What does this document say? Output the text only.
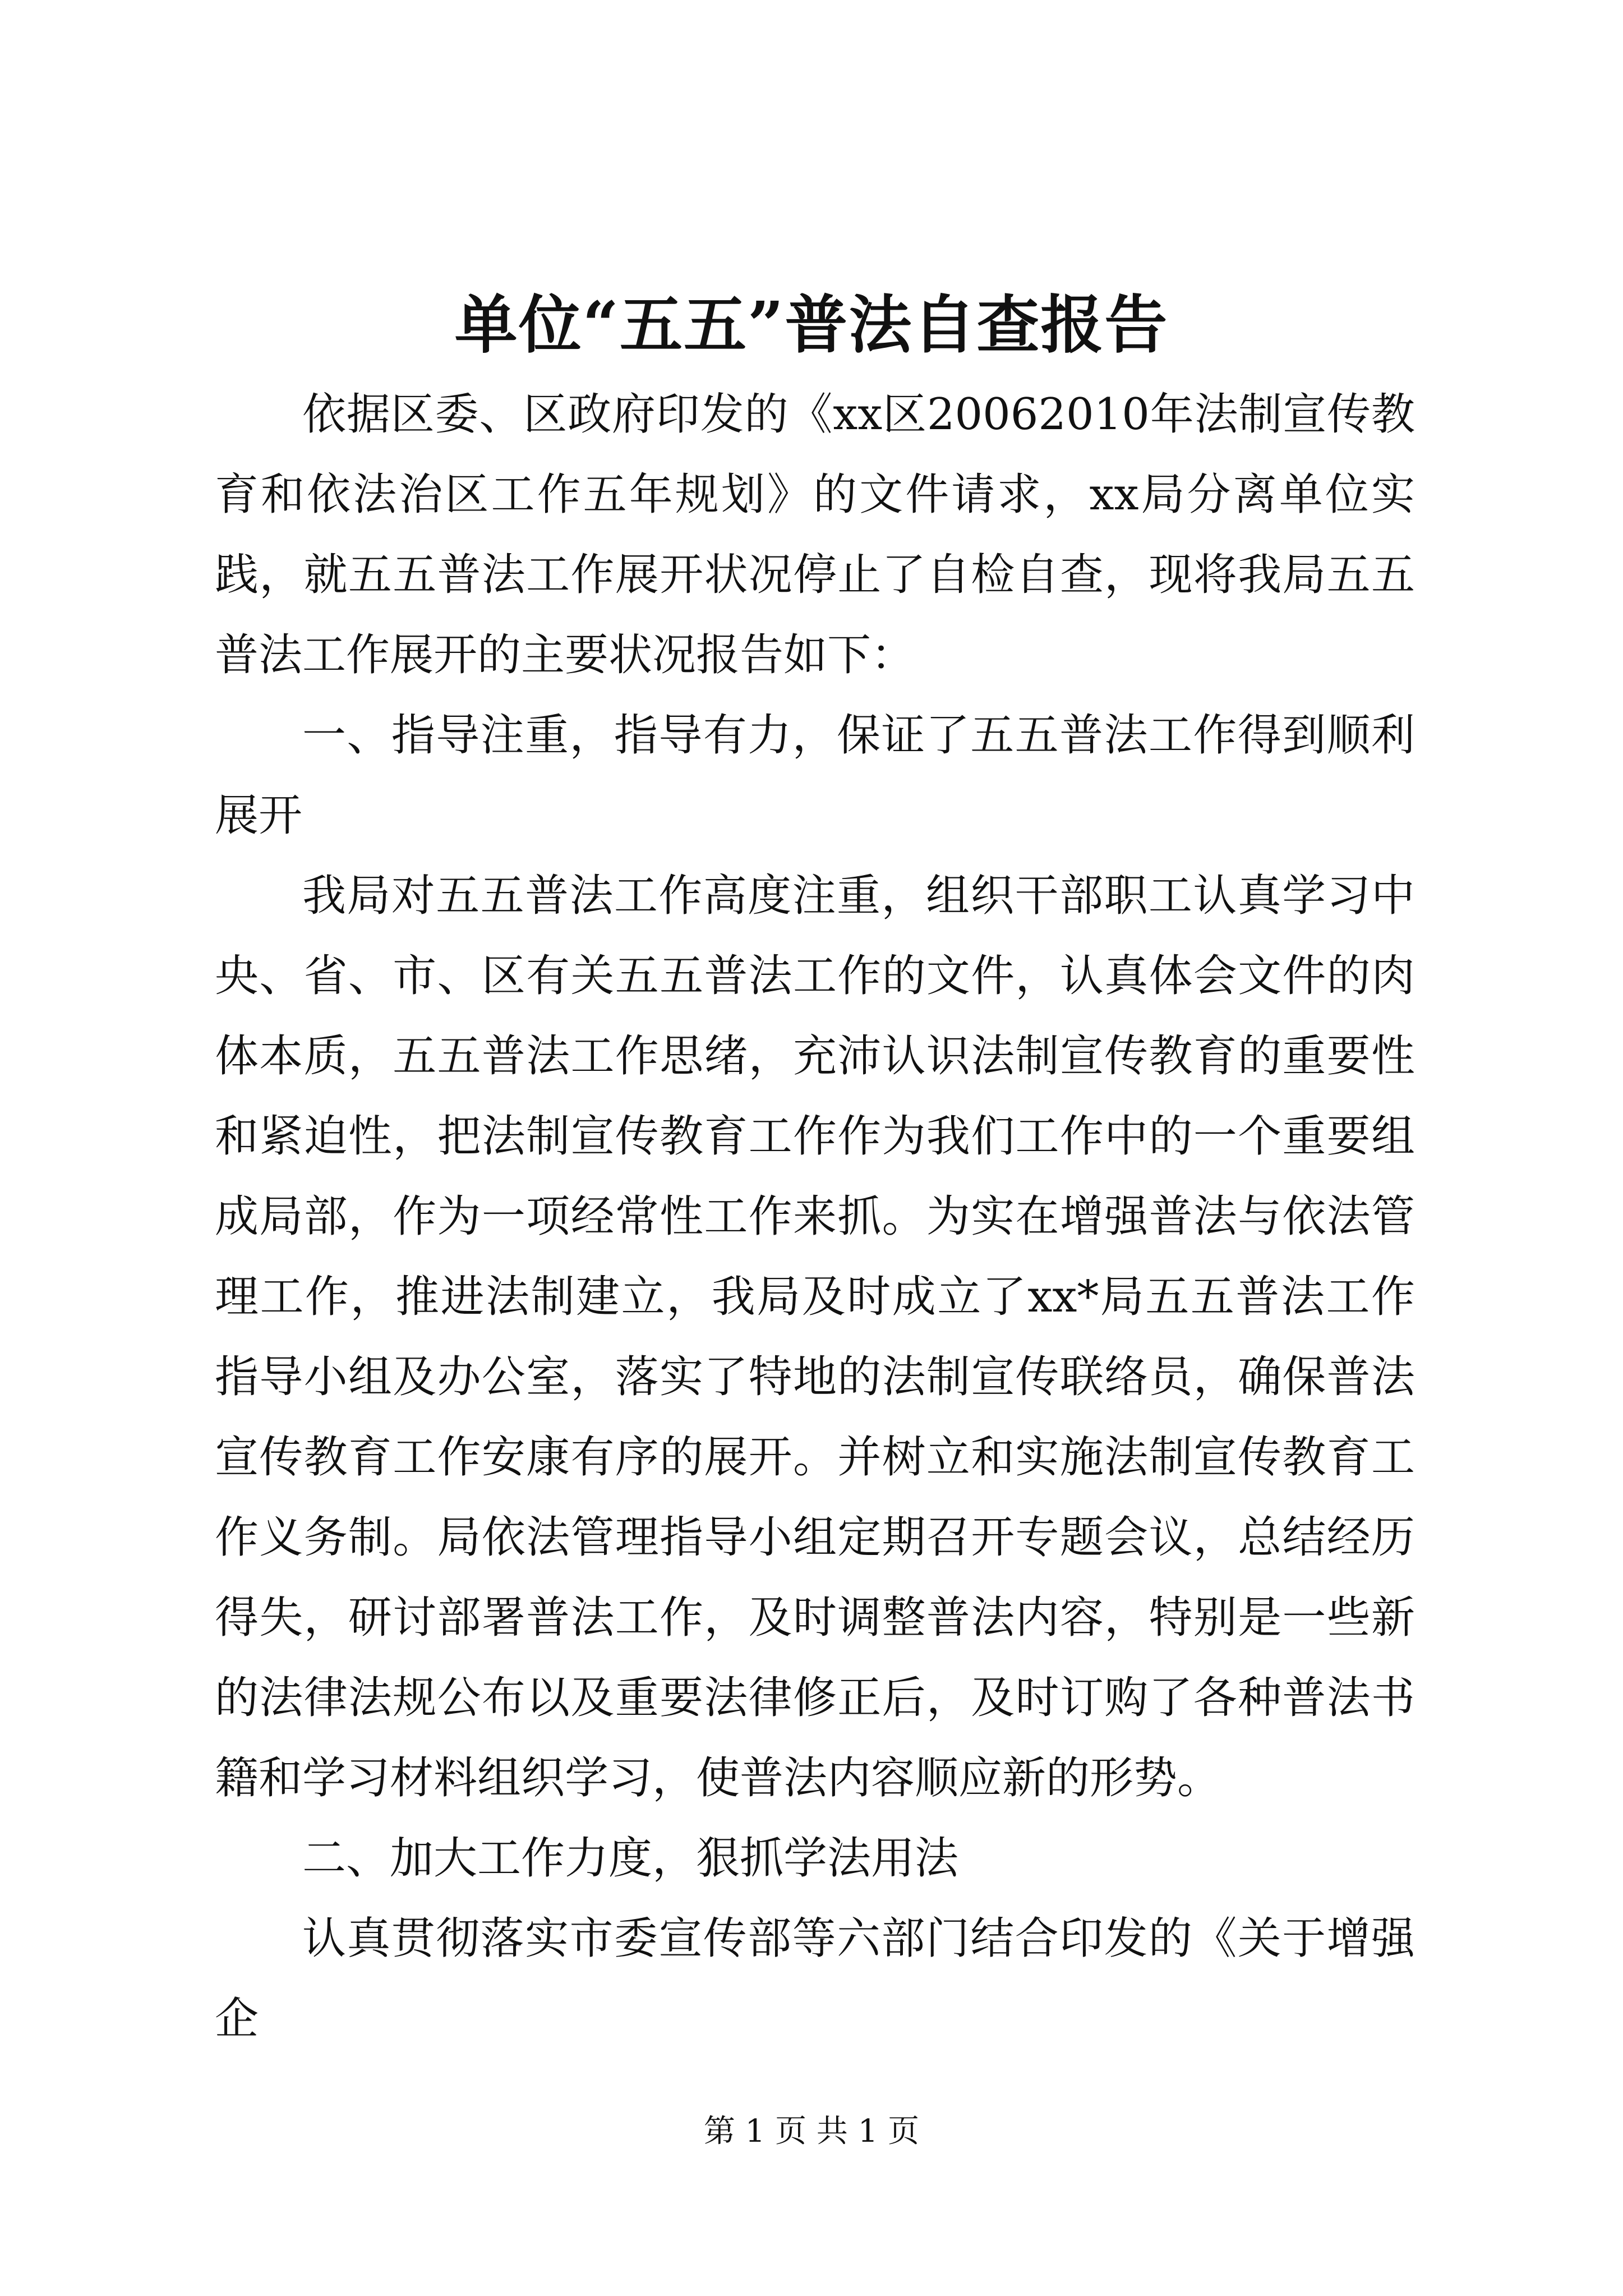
单位“五五”普法自查报告

依据区委、区政府印发的《xx区20062010年法制宣传教育和依法治区工作五年规划》的文件请求，xx局分离单位实践，就五五普法工作展开状况停止了自检自查，现将我局五五普法工作展开的主要状况报告如下：

一、指导注重，指导有力，保证了五五普法工作得到顺利展开

我局对五五普法工作高度注重，组织干部职工认真学习中央、省、市、区有关五五普法工作的文件，认真体会文件的肉体本质，五五普法工作思绪，充沛认识法制宣传教育的重要性和紧迫性，把法制宣传教育工作作为我们工作中的一个重要组成局部，作为一项经常性工作来抓。为实在增强普法与依法管理工作，推进法制建立，我局及时成立了xx*局五五普法工作指导小组及办公室，落实了特地的法制宣传联络员，确保普法宣传教育工作安康有序的展开。并树立和实施法制宣传教育工作义务制。局依法管理指导小组定期召开专题会议，总结经历得失，研讨部署普法工作，及时调整普法内容，特别是一些新的法律法规公布以及重要法律修正后，及时订购了各种普法书籍和学习材料组织学习，使普法内容顺应新的形势。

二、加大工作力度，狠抓学法用法

认真贯彻落实市委宣传部等六部门结合印发的《关于增强企

第 1 页 共 1 页
